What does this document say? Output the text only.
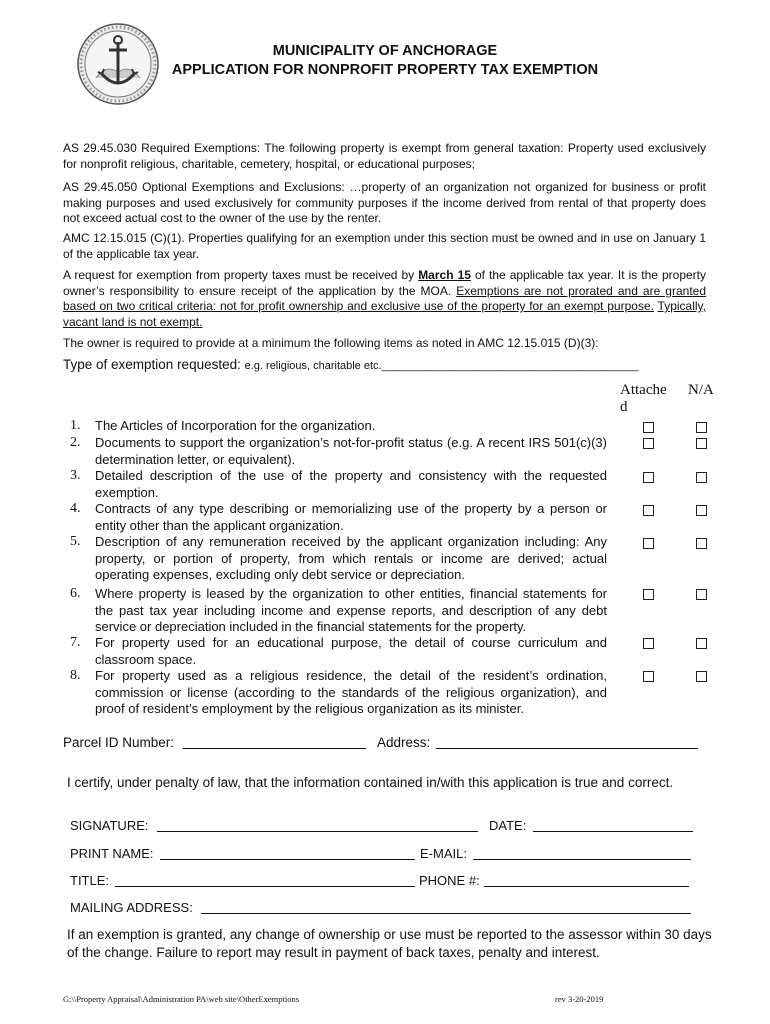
MUNICIPALITY OF ANCHORAGE
APPLICATION FOR NONPROFIT PROPERTY TAX EXEMPTION

AS 29.45.030 Required Exemptions: The following property is exempt from general taxation: Property used exclusively for nonprofit religious, charitable, cemetery, hospital, or educational purposes;

AS 29.45.050 Optional Exemptions and Exclusions: …property of an organization not organized for business or profit making purposes and used exclusively for community purposes if the income derived from rental of that property does not exceed actual cost to the owner of the use by the renter.

AMC 12.15.015 (C)(1). Properties qualifying for an exemption under this section must be owned and in use on January 1 of the applicable tax year.

A request for exemption from property taxes must be received by March 15 of the applicable tax year. It is the property owner’s responsibility to ensure receipt of the application by the MOA. Exemptions are not prorated and are granted based on two critical criteria: not for profit ownership and exclusive use of the property for an exempt purpose. Typically, vacant land is not exempt.

The owner is required to provide at a minimum the following items as noted in AMC 12.15.015 (D)(3):

Type of exemption requested: e.g. religious, charitable etc.__________________________________________
Attache d
N/A
1.	The Articles of Incorporation for the organization.
2.	Documents to support the organization’s not-for-profit status (e.g. A recent IRS 501(c)(3) determination letter, or equivalent).
3.	Detailed description of the use of the property and consistency with the requested exemption.
4.	Contracts of any type describing or memorializing use of the property by a person or entity other than the applicant organization.
5.	Description of any remuneration received by the applicant organization including: Any property, or portion of property, from which rentals or income are derived; actual operating expenses, excluding only debt service or depreciation.
6.	Where property is leased by the organization to other entities, financial statements for the past tax year including income and expense reports, and description of any debt service or depreciation included in the financial statements for the property.
7.	For property used for an educational purpose, the detail of course curriculum and classroom space.
8.	For property used as a religious residence, the detail of the resident’s ordination, commission or license (according to the standards of the religious organization), and proof of resident’s employment by the religious organization as its minister.
Parcel ID Number:	Address:

I certify, under penalty of law, that the information contained in/with this application is true and correct.

SIGNATURE:	DATE:
PRINT NAME:	E-MAIL:
TITLE:	PHONE #:
MAILING ADDRESS:

If an exemption is granted, any change of ownership or use must be reported to the assessor within 30 days of the change. Failure to report may result in payment of back taxes, penalty and interest.

G:\\Property Appraisal\Administration PA\web site\OtherExemptions	rev 3-20-2019
